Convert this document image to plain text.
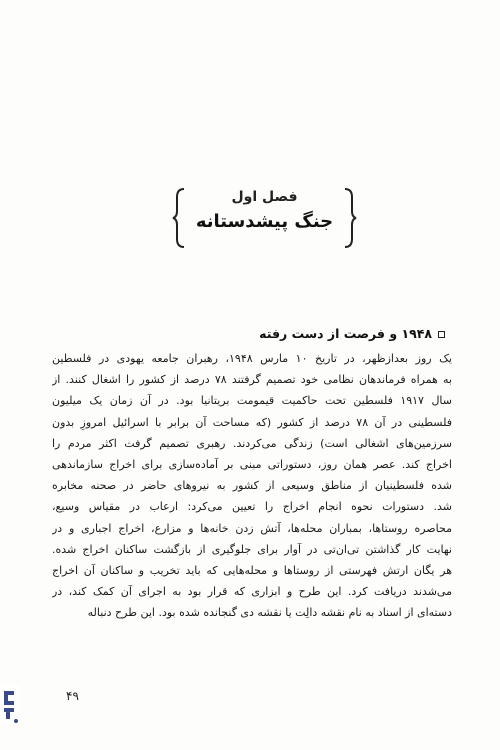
فصل اول
جنگ پیشدستانه
۱۹۴۸ و فرصت از دست رفته
یک روز بعدازظهر، در تاریخ ۱۰ مارس ۱۹۴۸، رهبران جامعه یهودی در فلسطین
به همراه فرماندهان نظامی خود تصمیم گرفتند ۷۸ درصد از کشور را اشغال کنند. از
سال ۱۹۱۷ فلسطین تحت حاکمیت قیمومت بریتانیا بود. در آن زمان یک میلیون
فلسطینی در آن ۷۸ درصد از کشور (که مساحت آن برابر با اسرائیل امروزِ بدون
سرزمین‌های اشغالی است) زندگی می‌کردند. رهبری تصمیم گرفت اکثر مردم را
اخراج کند. عصر همان روز، دستوراتی مبنی بر آماده‌سازی برای اخراج سازماندهی
شده فلسطینیان از مناطق وسیعی از کشور به نیروهای حاضر در صحنه مخابره
شد. دستورات نحوه انجام اخراج را تعیین می‌کرد: ارعاب در مقیاس وسیع،
محاصره روستاها، بمباران محله‌ها، آتش زدن خانه‌ها و مزارع، اخراج اجباری و در
نهایت کار گذاشتن تی‌ان‌تی در آوار برای جلوگیری از بازگشت ساکنان اخراج شده.
هر یگان ارتش فهرستی از روستاها و محله‌هایی که باید تخریب و ساکنان آن اخراج
می‌شدند دریافت کرد. این طرح و ابزاری که قرار بود به اجرای آن کمک کند، در
دسته‌ای از اسناد به نام نقشه دالِت یا نقشه دی گنجانده شده بود. این طرح دنباله
۴۹
